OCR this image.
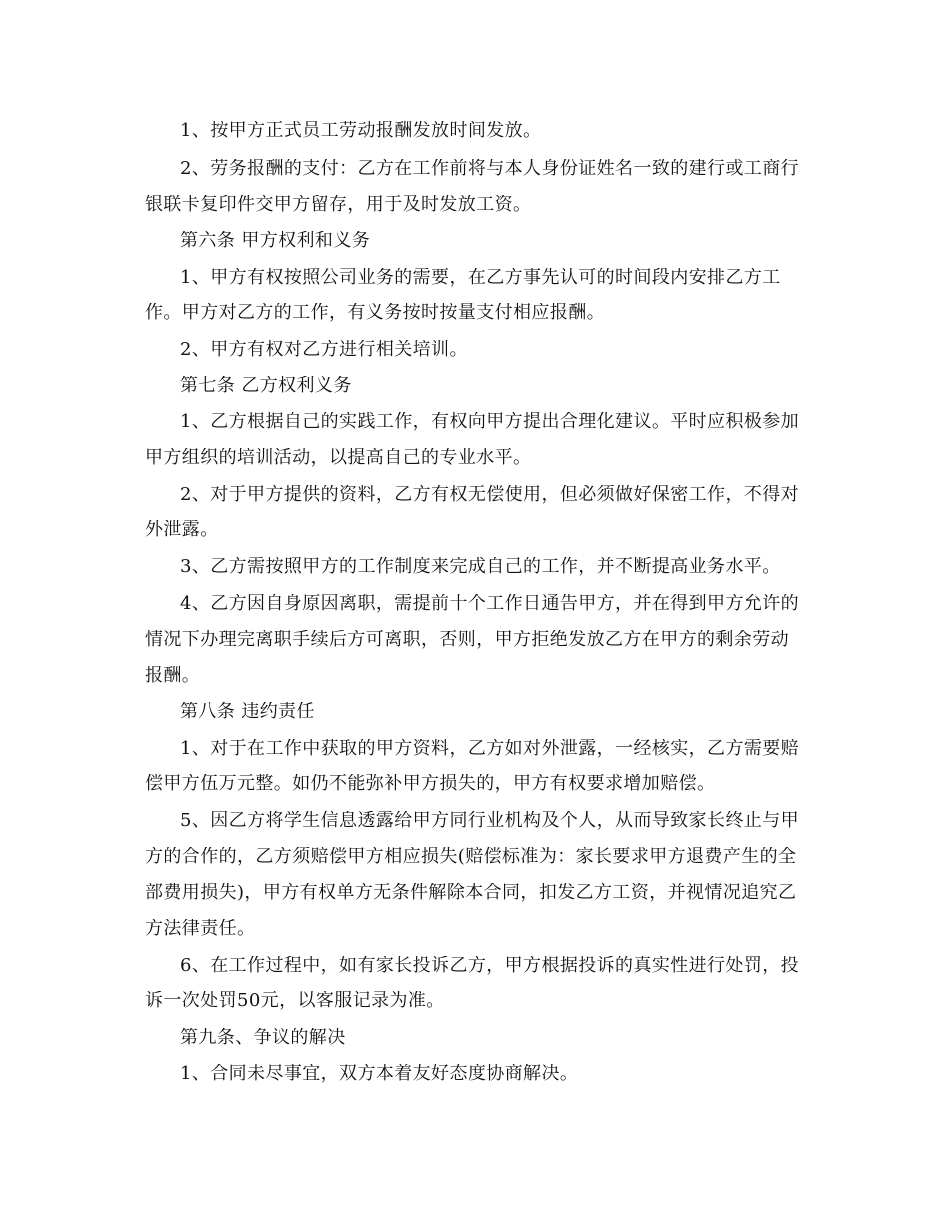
1、按甲方正式员工劳动报酬发放时间发放。
2、劳务报酬的支付：乙方在工作前将与本人身份证姓名一致的建行或工商行
银联卡复印件交甲方留存，用于及时发放工资。
第六条 甲方权利和义务
1、甲方有权按照公司业务的需要，在乙方事先认可的时间段内安排乙方工
作。甲方对乙方的工作，有义务按时按量支付相应报酬。
2、甲方有权对乙方进行相关培训。
第七条 乙方权利义务
1、乙方根据自己的实践工作，有权向甲方提出合理化建议。平时应积极参加
甲方组织的培训活动，以提高自己的专业水平。
2、对于甲方提供的资料，乙方有权无偿使用，但必须做好保密工作，不得对
外泄露。
3、乙方需按照甲方的工作制度来完成自己的工作，并不断提高业务水平。
4、乙方因自身原因离职，需提前十个工作日通告甲方，并在得到甲方允许的
情况下办理完离职手续后方可离职，否则，甲方拒绝发放乙方在甲方的剩余劳动
报酬。
第八条 违约责任
1、对于在工作中获取的甲方资料，乙方如对外泄露，一经核实，乙方需要赔
偿甲方伍万元整。如仍不能弥补甲方损失的，甲方有权要求增加赔偿。
5、因乙方将学生信息透露给甲方同行业机构及个人，从而导致家长终止与甲
方的合作的，乙方须赔偿甲方相应损失(赔偿标准为：家长要求甲方退费产生的全
部费用损失)，甲方有权单方无条件解除本合同，扣发乙方工资，并视情况追究乙
方法律责任。
6、在工作过程中，如有家长投诉乙方，甲方根据投诉的真实性进行处罚，投
诉一次处罚50元，以客服记录为准。
第九条、争议的解决
1、合同未尽事宜，双方本着友好态度协商解决。
